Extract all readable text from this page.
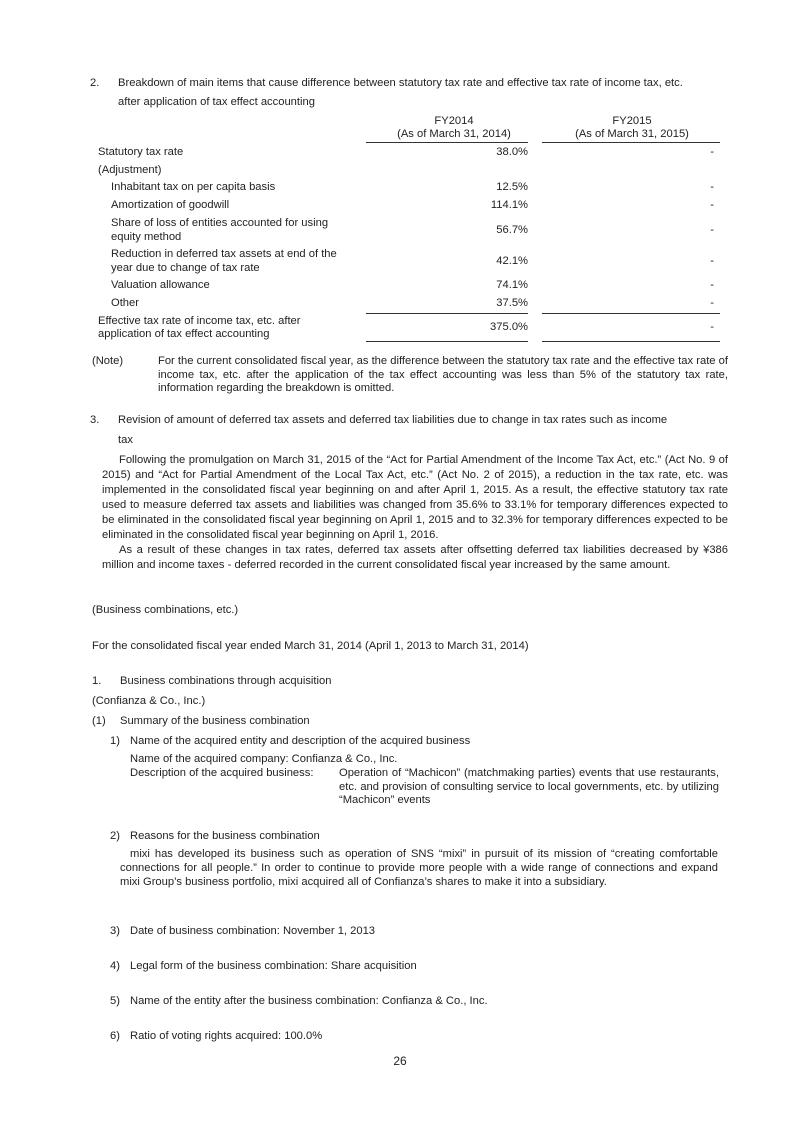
2. Breakdown of main items that cause difference between statutory tax rate and effective tax rate of income tax, etc.
after application of tax effect accounting
FY2014
(As of March 31, 2014)
FY2015
(As of March 31, 2015)
Statutory tax rate	38.0%	-
(Adjustment)
Inhabitant tax on per capita basis	12.5%	-
Amortization of goodwill	114.1%	-
Share of loss of entities accounted for using
equity method
56.7%	-
Reduction in deferred tax assets at end of the
year due to change of tax rate
42.1%	-
Valuation allowance	74.1%	-
Other	37.5%	-
Effective tax rate of income tax, etc. after
application of tax effect accounting
375.0%	-
(Note)	For the current consolidated fiscal year, as the difference between the statutory tax rate and the effective tax rate of income tax, etc. after the application of the tax effect accounting was less than 5% of the statutory tax rate, information regarding the breakdown is omitted.
3. Revision of amount of deferred tax assets and deferred tax liabilities due to change in tax rates such as income
tax
Following the promulgation on March 31, 2015 of the “Act for Partial Amendment of the Income Tax Act, etc.” (Act No. 9 of 2015) and “Act for Partial Amendment of the Local Tax Act, etc.” (Act No. 2 of 2015), a reduction in the tax rate, etc. was implemented in the consolidated fiscal year beginning on and after April 1, 2015. As a result, the effective statutory tax rate used to measure deferred tax assets and liabilities was changed from 35.6% to 33.1% for temporary differences expected to be eliminated in the consolidated fiscal year beginning on April 1, 2015 and to 32.3% for temporary differences expected to be eliminated in the consolidated fiscal year beginning on April 1, 2016.
As a result of these changes in tax rates, deferred tax assets after offsetting deferred tax liabilities decreased by ¥386 million and income taxes - deferred recorded in the current consolidated fiscal year increased by the same amount.
(Business combinations, etc.)
For the consolidated fiscal year ended March 31, 2014 (April 1, 2013 to March 31, 2014)
1. Business combinations through acquisition
(Confianza & Co., Inc.)
(1) Summary of the business combination
1) Name of the acquired entity and description of the acquired business
Name of the acquired company: Confianza & Co., Inc.
Description of the acquired business: Operation of “Machicon” (matchmaking parties) events that use restaurants, etc. and provision of consulting service to local governments, etc. by utilizing “Machicon” events
2) Reasons for the business combination
mixi has developed its business such as operation of SNS “mixi” in pursuit of its mission of “creating comfortable connections for all people.” In order to continue to provide more people with a wide range of connections and expand mixi Group’s business portfolio, mixi acquired all of Confianza’s shares to make it into a subsidiary.
3) Date of business combination: November 1, 2013
4) Legal form of the business combination: Share acquisition
5) Name of the entity after the business combination: Confianza & Co., Inc.
6) Ratio of voting rights acquired: 100.0%
26
